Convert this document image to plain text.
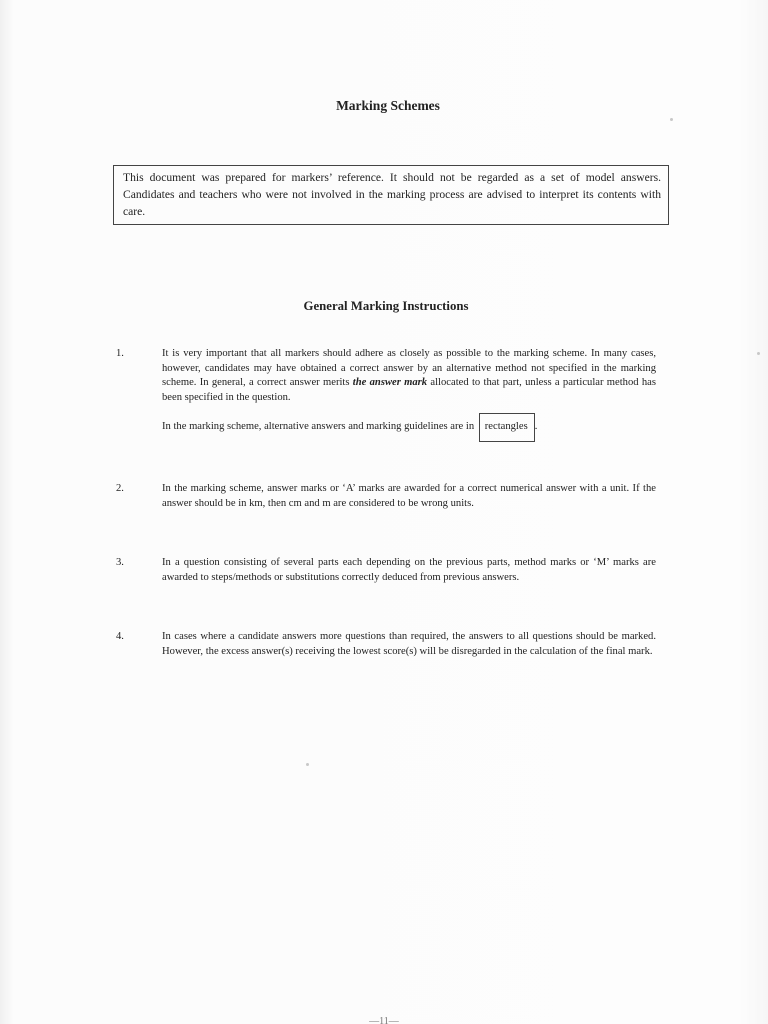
Marking Schemes
This document was prepared for markers’ reference. It should not be regarded as a set of model answers. Candidates and teachers who were not involved in the marking process are advised to interpret its contents with care.
General Marking Instructions
1.	It is very important that all markers should adhere as closely as possible to the marking scheme. In many cases, however, candidates may have obtained a correct answer by an alternative method not specified in the marking scheme. In general, a correct answer merits the answer mark allocated to that part, unless a particular method has been specified in the question.

In the marking scheme, alternative answers and marking guidelines are in rectangles .

2.	In the marking scheme, answer marks or ‘A’ marks are awarded for a correct numerical answer with a unit. If the answer should be in km, then cm and m are considered to be wrong units.

3.	In a question consisting of several parts each depending on the previous parts, method marks or ‘M’ marks are awarded to steps/methods or substitutions correctly deduced from previous answers.

4.	In cases where a candidate answers more questions than required, the answers to all questions should be marked. However, the excess answer(s) receiving the lowest score(s) will be disregarded in the calculation of the final mark.

—11—
